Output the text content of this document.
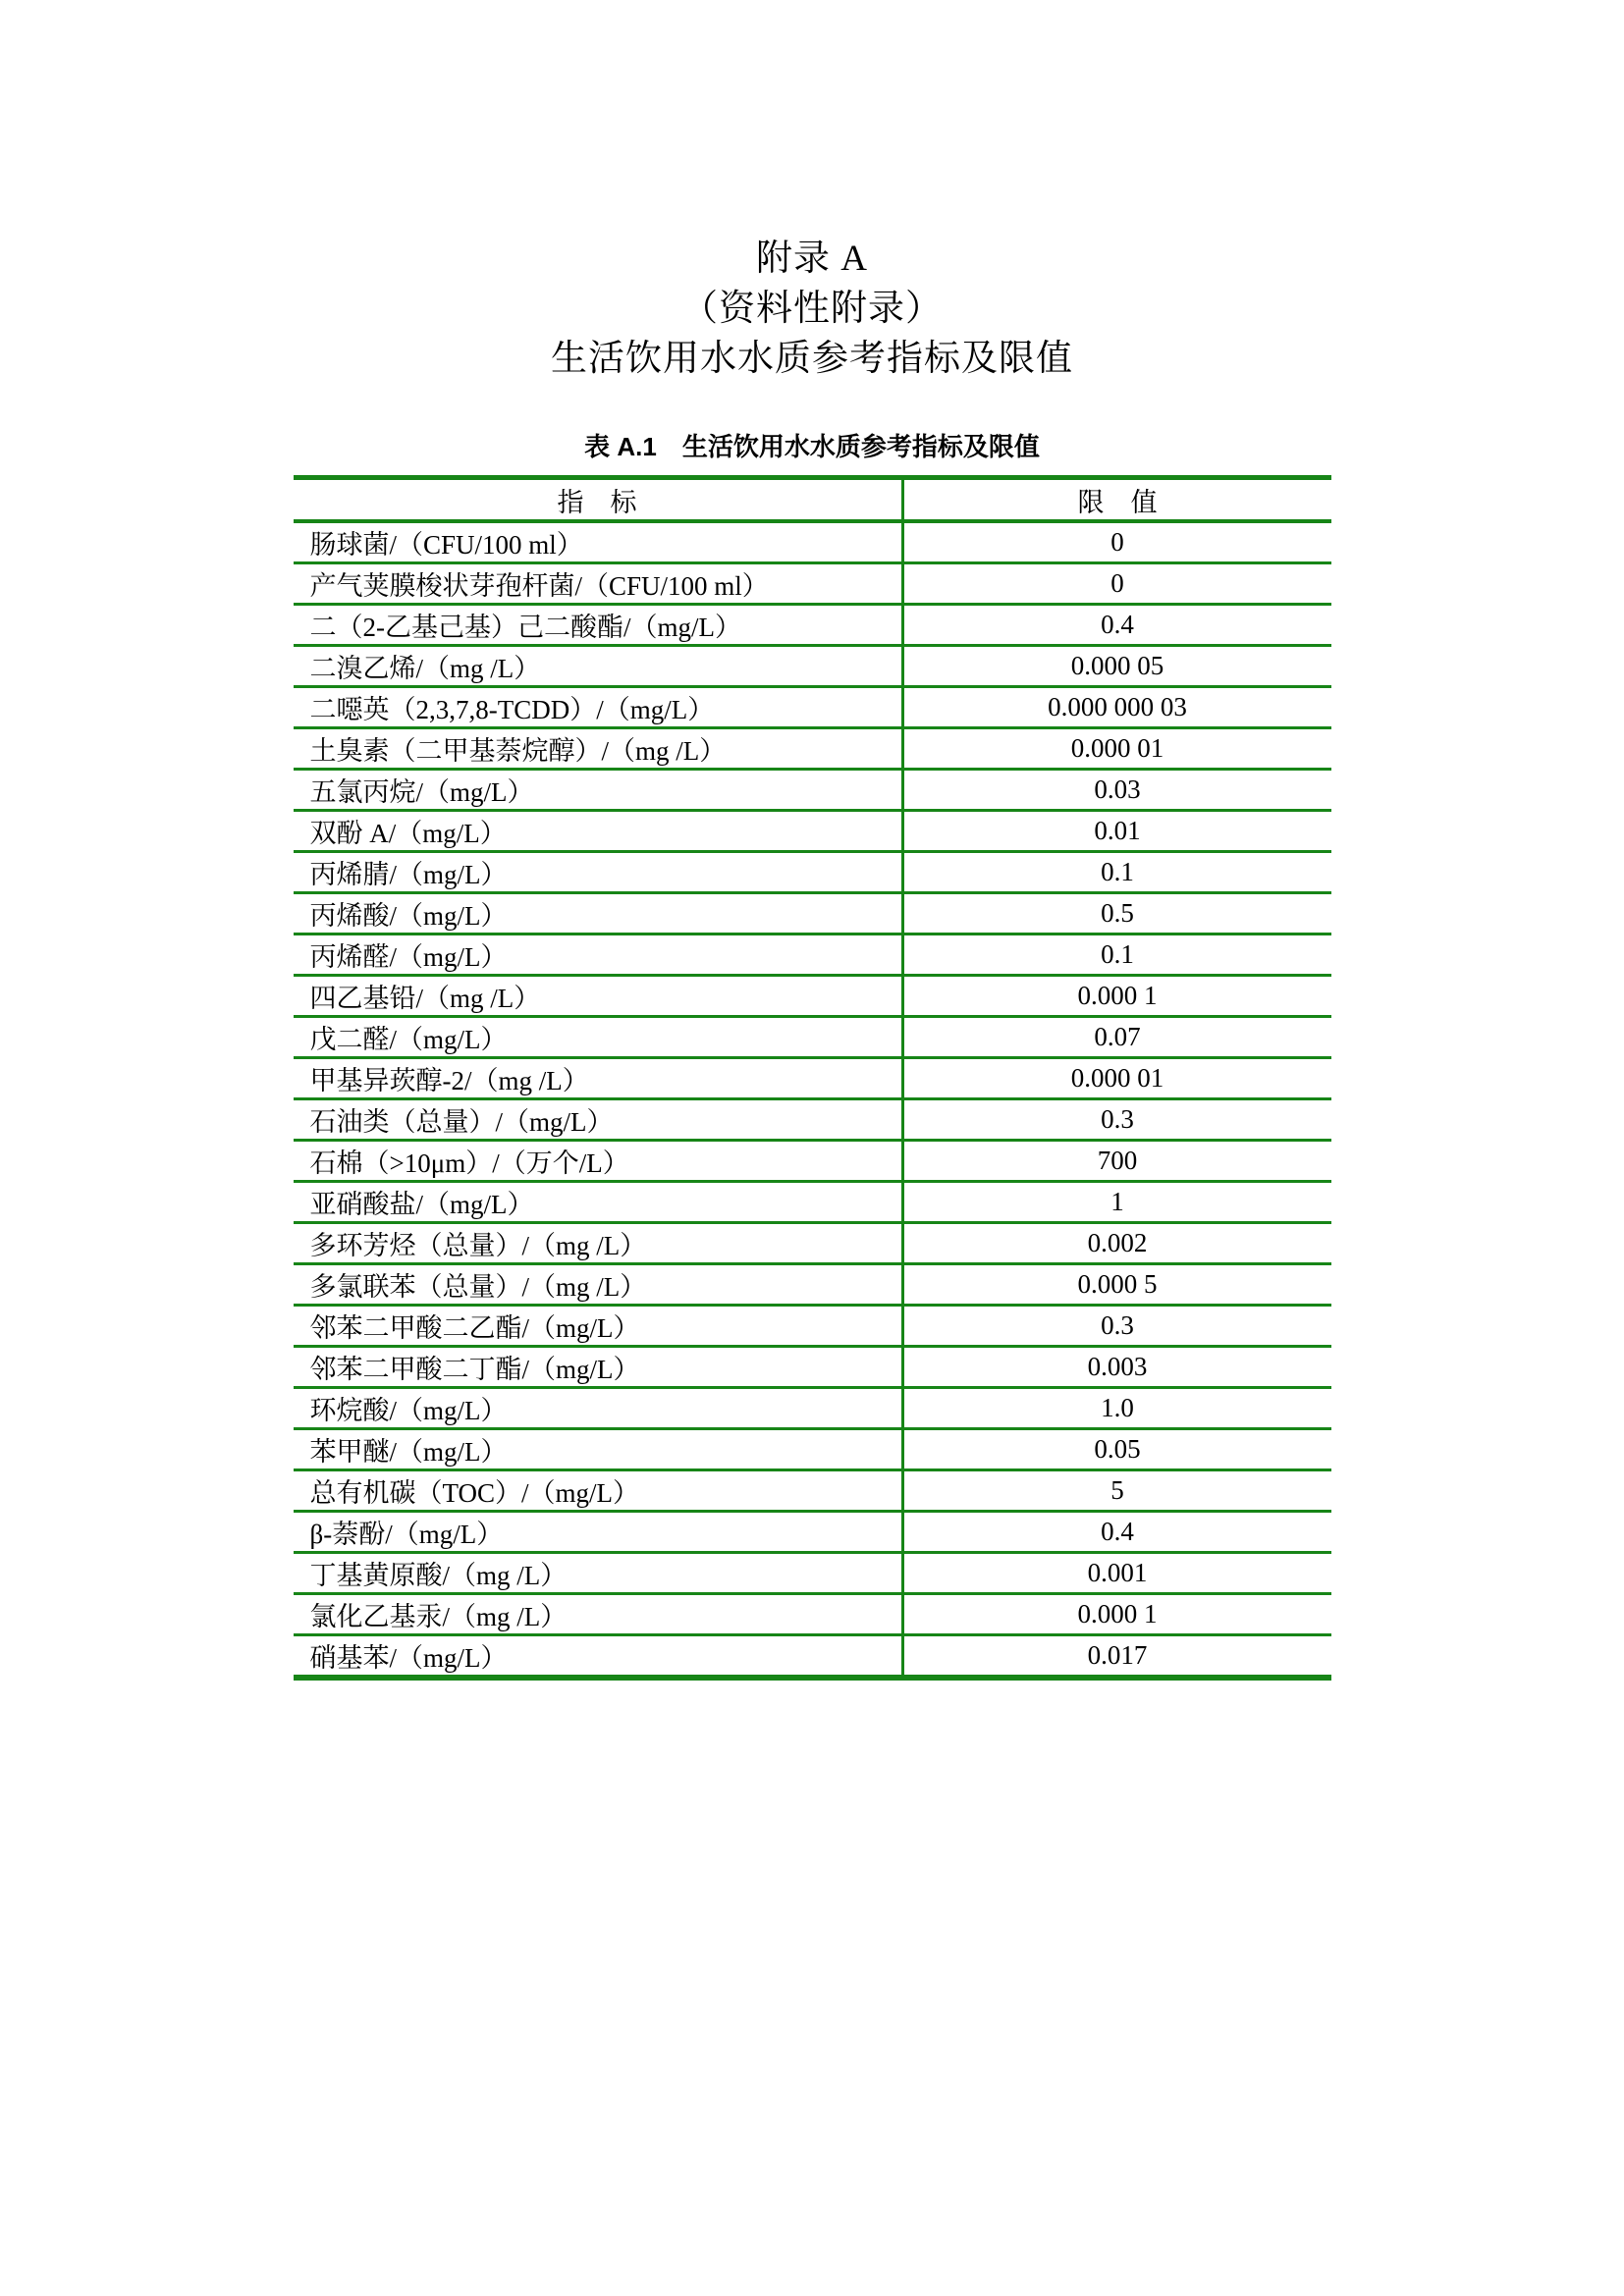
附录 A
（资料性附录）
生活饮用水水质参考指标及限值
表 A.1　生活饮用水水质参考指标及限值
指　标	限　值
肠球菌/（CFU/100 ml）	0
产气荚膜梭状芽孢杆菌/（CFU/100 ml）	0
二（2-乙基己基）己二酸酯/（mg/L）	0.4
二溴乙烯/（mg /L）	0.000 05
二噁英（2,3,7,8-TCDD）/（mg/L）	0.000 000 03
土臭素（二甲基萘烷醇）/（mg /L）	0.000 01
五氯丙烷/（mg/L）	0.03
双酚 A/（mg/L）	0.01
丙烯腈/（mg/L）	0.1
丙烯酸/（mg/L）	0.5
丙烯醛/（mg/L）	0.1
四乙基铅/（mg /L）	0.000 1
戊二醛/（mg/L）	0.07
甲基异莰醇-2/（mg /L）	0.000 01
石油类（总量）/（mg/L）	0.3
石棉（>10μm）/（万个/L）	700
亚硝酸盐/（mg/L）	1
多环芳烃（总量）/（mg /L）	0.002
多氯联苯（总量）/（mg /L）	0.000 5
邻苯二甲酸二乙酯/（mg/L）	0.3
邻苯二甲酸二丁酯/（mg/L）	0.003
环烷酸/（mg/L）	1.0
苯甲醚/（mg/L）	0.05
总有机碳（TOC）/（mg/L）	5
β-萘酚/（mg/L）	0.4
丁基黄原酸/（mg /L）	0.001
氯化乙基汞/（mg /L）	0.000 1
硝基苯/（mg/L）	0.017
